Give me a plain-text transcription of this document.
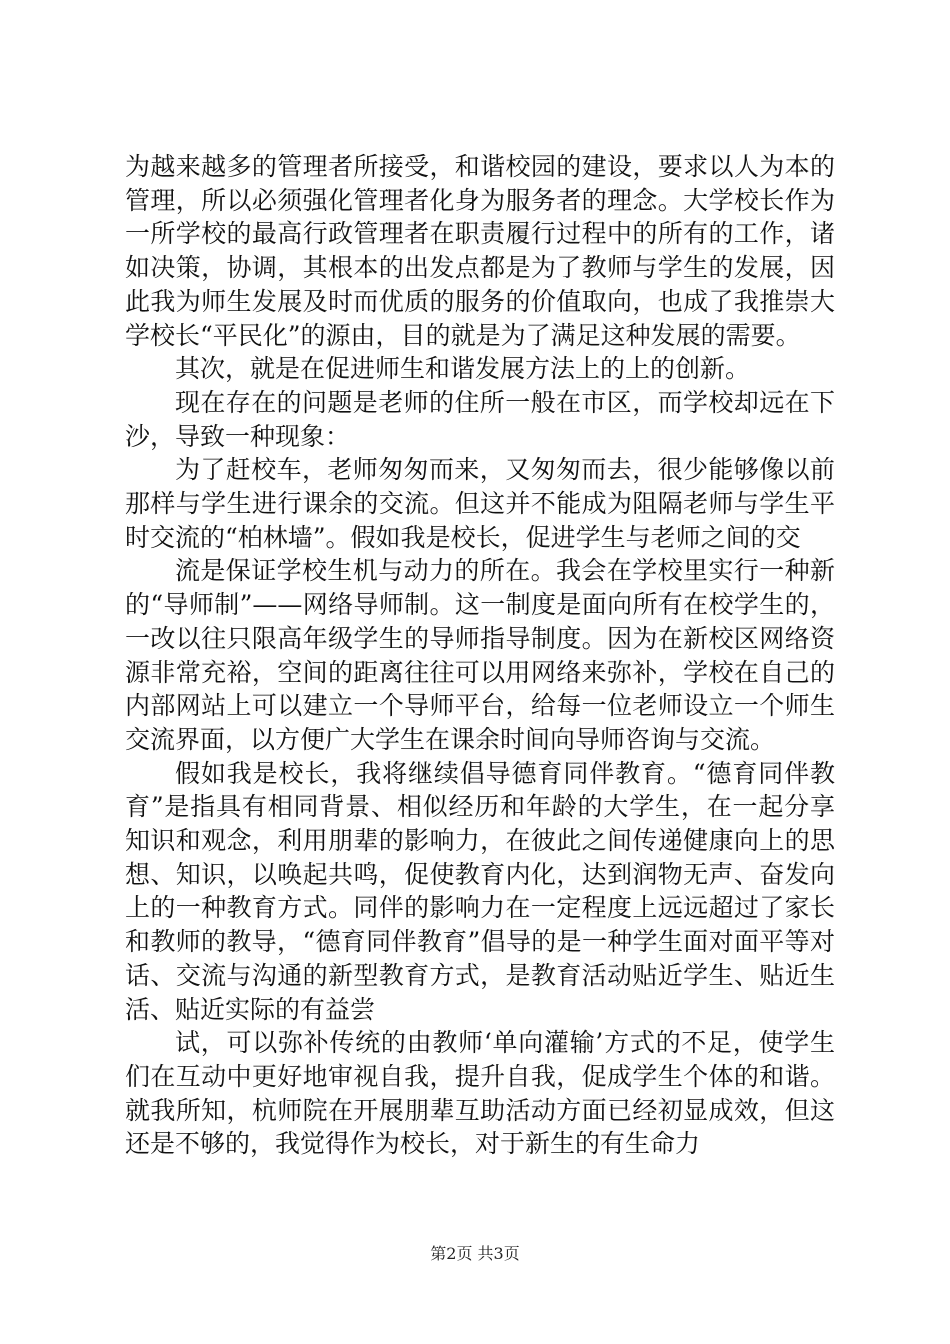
为越来越多的管理者所接受，和谐校园的建设，要求以人为本的管理，所以必须强化管理者化身为服务者的理念。大学校长作为一所学校的最高行政管理者在职责履行过程中的所有的工作，诸如决策，协调，其根本的出发点都是为了教师与学生的发展，因此我为师生发展及时而优质的服务的价值取向，也成了我推崇大学校长“平民化”的源由，目的就是为了满足这种发展的需要。

其次，就是在促进师生和谐发展方法上的上的创新。

现在存在的问题是老师的住所一般在市区，而学校却远在下沙，导致一种现象：

为了赶校车，老师匆匆而来，又匆匆而去，很少能够像以前那样与学生进行课余的交流。但这并不能成为阻隔老师与学生平时交流的“柏林墙”。假如我是校长，促进学生与老师之间的交

流是保证学校生机与动力的所在。我会在学校里实行一种新的“导师制”——网络导师制。这一制度是面向所有在校学生的，一改以往只限高年级学生的导师指导制度。因为在新校区网络资源非常充裕，空间的距离往往可以用网络来弥补，学校在自己的内部网站上可以建立一个导师平台，给每一位老师设立一个师生交流界面，以方便广大学生在课余时间向导师咨询与交流。

假如我是校长，我将继续倡导德育同伴教育。“德育同伴教育”是指具有相同背景、相似经历和年龄的大学生，在一起分享知识和观念，利用朋辈的影响力，在彼此之间传递健康向上的思想、知识，以唤起共鸣，促使教育内化，达到润物无声、奋发向上的一种教育方式。同伴的影响力在一定程度上远远超过了家长和教师的教导，“德育同伴教育”倡导的是一种学生面对面平等对话、交流与沟通的新型教育方式，是教育活动贴近学生、贴近生活、贴近实际的有益尝

试，可以弥补传统的由教师‘单向灌输’方式的不足，使学生们在互动中更好地审视自我，提升自我，促成学生个体的和谐。就我所知，杭师院在开展朋辈互助活动方面已经初显成效，但这还是不够的，我觉得作为校长，对于新生的有生命力

第2页 共3页
